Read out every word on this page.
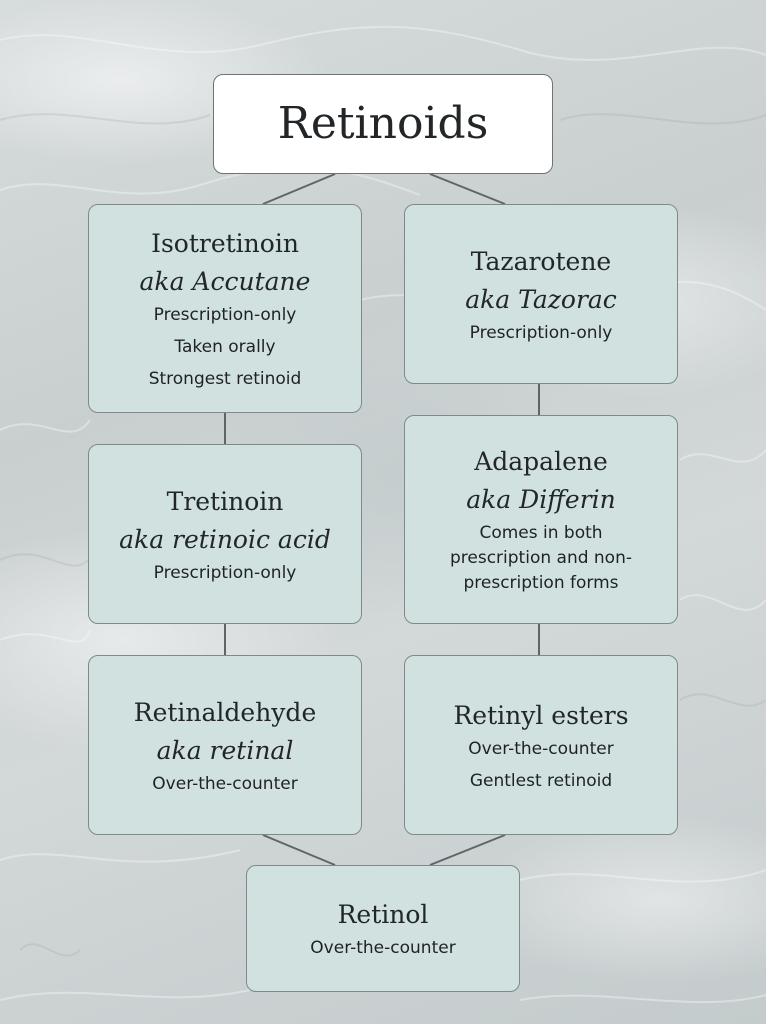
Retinoids
Isotretinoin
aka Accutane
Prescription-only
Taken orally
Strongest retinoid
Tretinoin
aka retinoic acid
Prescription-only
Retinaldehyde
aka retinal
Over-the-counter
Tazarotene
aka Tazorac
Prescription-only
Adapalene
aka Differin
Comes in both
prescription and non-
prescription forms
Retinyl esters
Over-the-counter
Gentlest retinoid
Retinol
Over-the-counter
